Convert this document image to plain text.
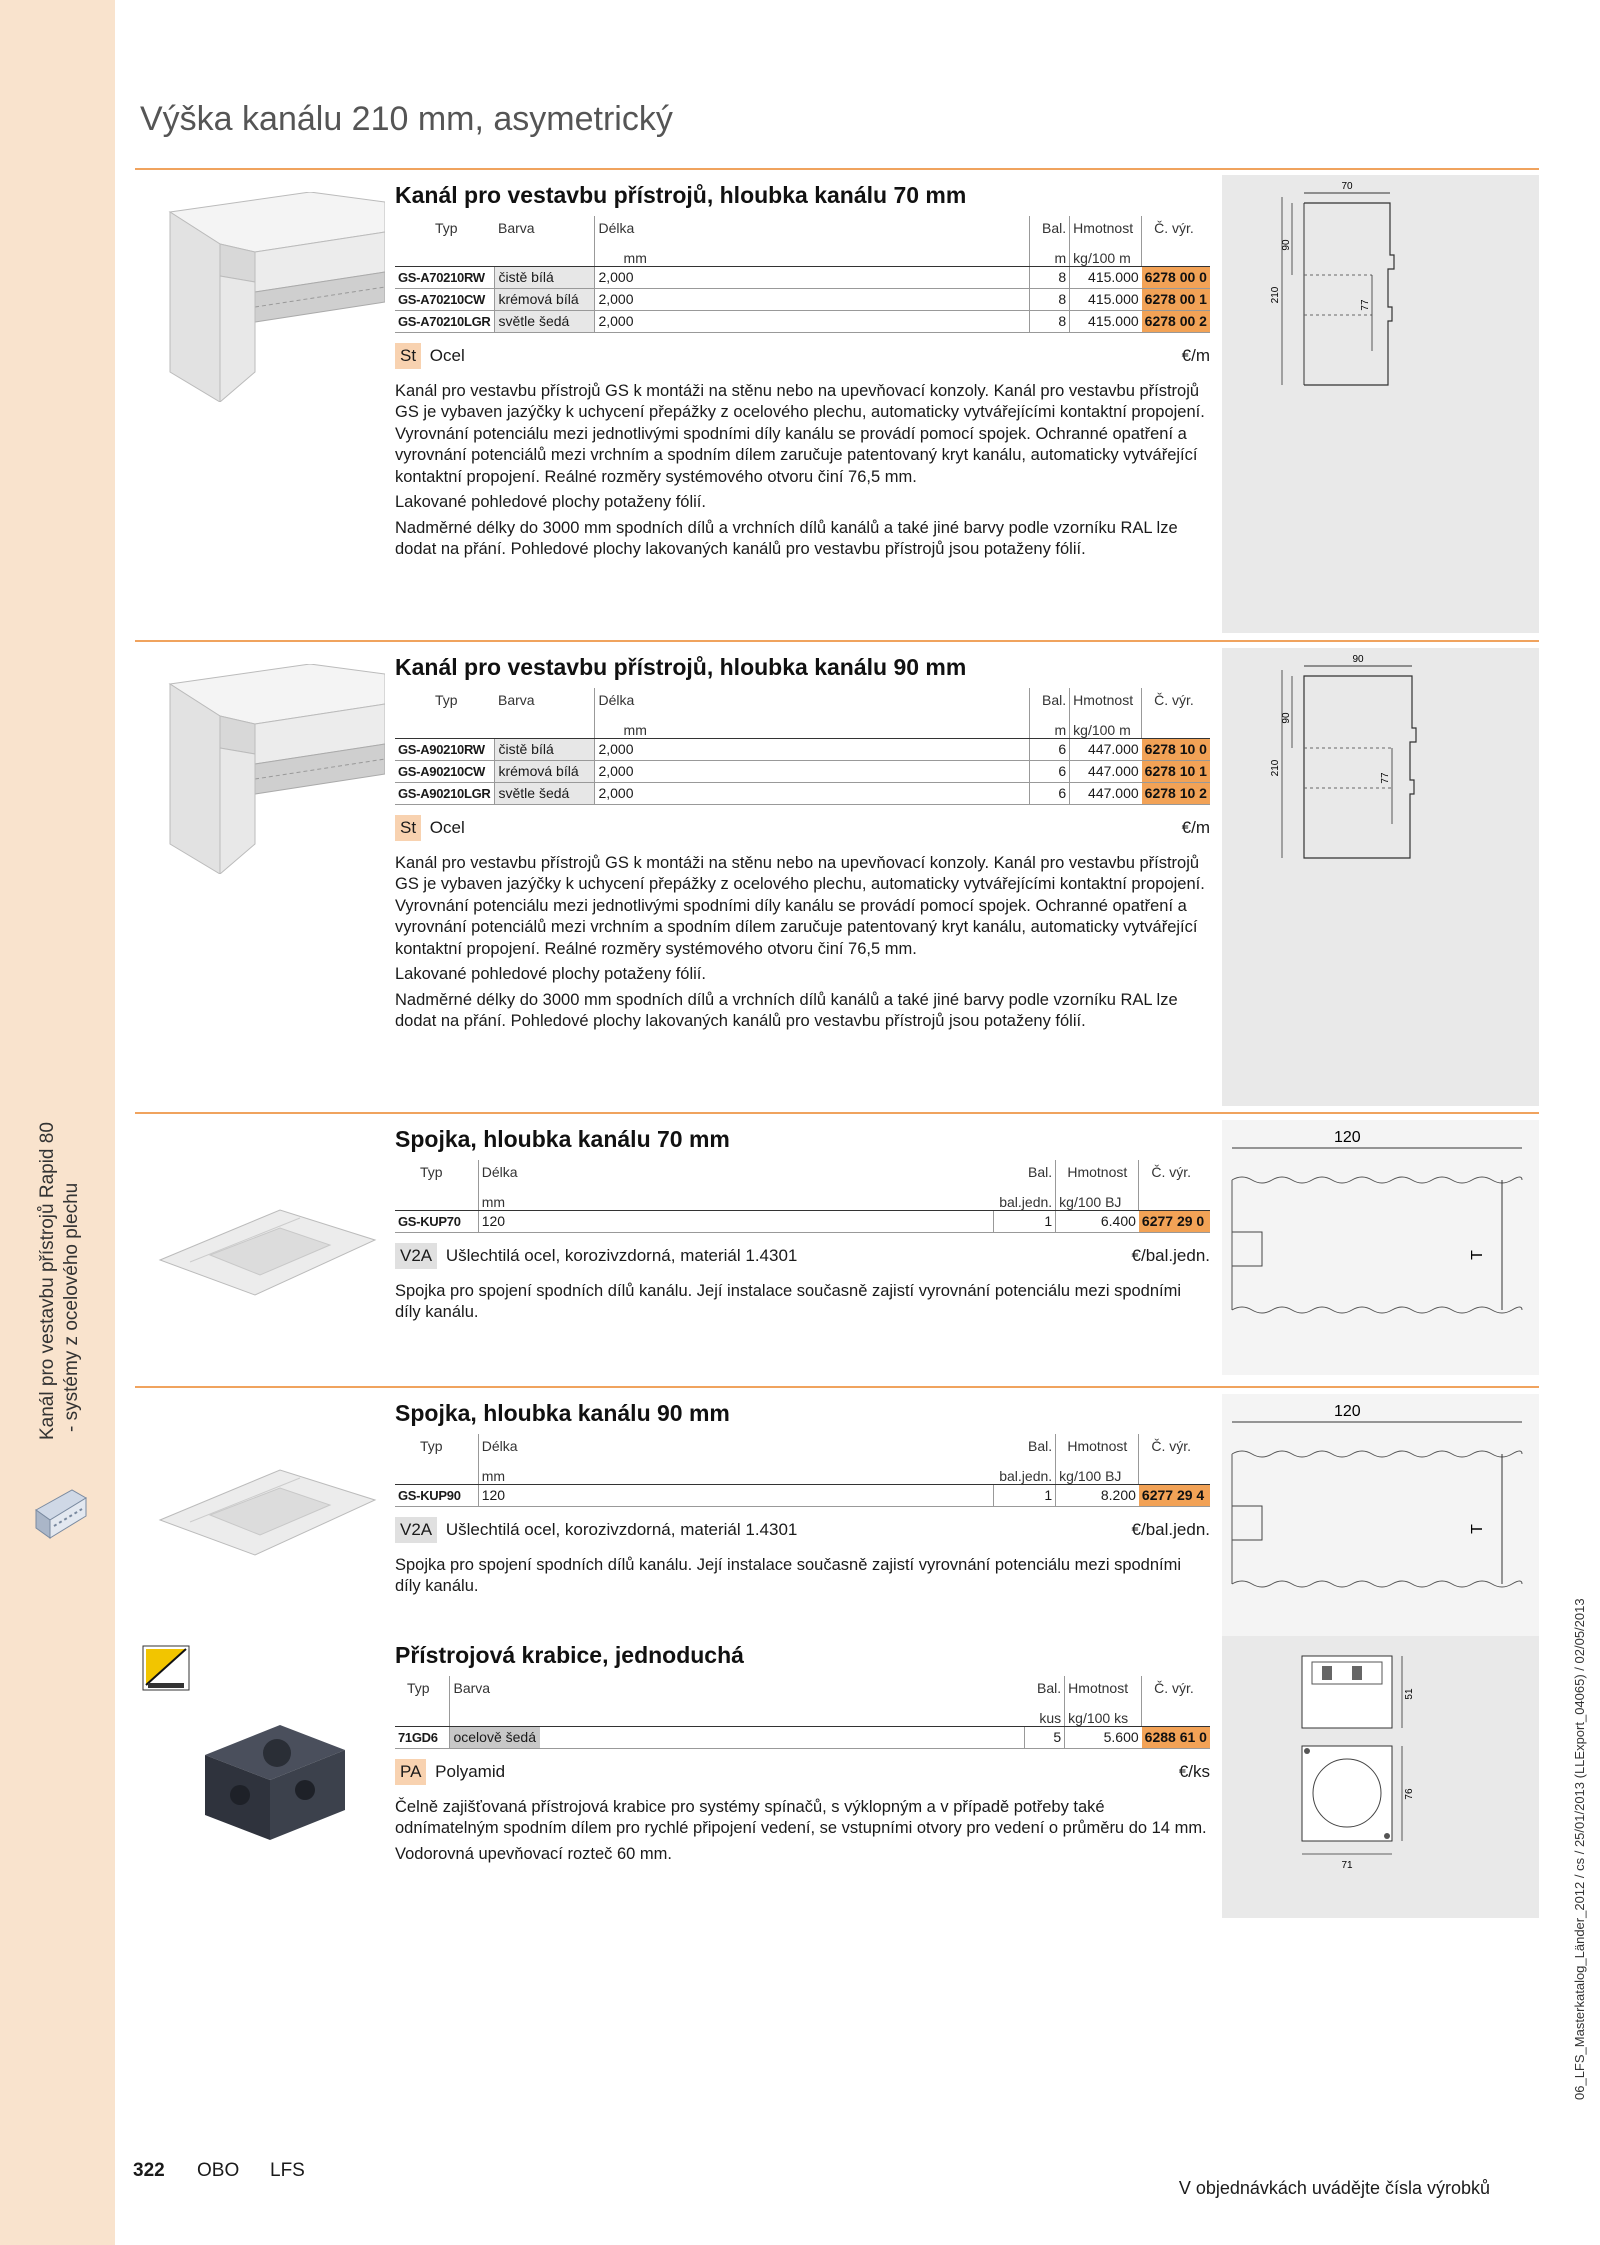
Kanál pro vestavbu přístrojů Rapid 80 - systémy z ocelového plechu
Výška kanálu 210 mm, asymetrický
Kanál pro vestavbu přístrojů, hloubka kanálu 70 mm
Typ	Barva	Délka		Bal.	Hmotnost	Č. výr.
		mm		m	kg/100 m	
GS-A70210RW	čistě bílá	2,000		8	415.000	6278 00 0
GS-A70210CW	krémová bílá	2,000		8	415.000	6278 00 1
GS-A70210LGR	světle šedá	2,000		8	415.000	6278 00 2
St Ocel	€/m

Kanál pro vestavbu přístrojů GS k montáži na stěnu nebo na upevňovací konzoly. Kanál pro vestavbu přístrojů GS je vybaven jazýčky k uchycení přepážky z ocelového plechu, automaticky vytvářejícími kontaktní propojení. Vyrovnání potenciálu mezi jednotlivými spodními díly kanálu se provádí pomocí spojek. Ochranné opatření a vyrovnání potenciálů mezi vrchním a spodním dílem zaručuje patentovaný kryt kanálu, automaticky vytvářející kontaktní propojení. Reálné rozměry systémového otvoru činí 76,5 mm.

Lakované pohledové plochy potaženy fólií.

Nadměrné délky do 3000 mm spodních dílů a vrchních dílů kanálů a také jiné barvy podle vzorníku RAL lze dodat na přání. Pohledové plochy lakovaných kanálů pro vestavbu přístrojů jsou potaženy fólií.

70
210
90
77
Kanál pro vestavbu přístrojů, hloubka kanálu 90 mm
Typ	Barva	Délka		Bal.	Hmotnost	Č. výr.
		mm		m	kg/100 m	
GS-A90210RW	čistě bílá	2,000		6	447.000	6278 10 0
GS-A90210CW	krémová bílá	2,000		6	447.000	6278 10 1
GS-A90210LGR	světle šedá	2,000		6	447.000	6278 10 2
St Ocel	€/m

Kanál pro vestavbu přístrojů GS k montáži na stěnu nebo na upevňovací konzoly. Kanál pro vestavbu přístrojů GS je vybaven jazýčky k uchycení přepážky z ocelového plechu, automaticky vytvářejícími kontaktní propojení. Vyrovnání potenciálu mezi jednotlivými spodními díly kanálu se provádí pomocí spojek. Ochranné opatření a vyrovnání potenciálů mezi vrchním a spodním dílem zaručuje patentovaný kryt kanálu, automaticky vytvářející kontaktní propojení. Reálné rozměry systémového otvoru činí 76,5 mm.

Lakované pohledové plochy potaženy fólií.

Nadměrné délky do 3000 mm spodních dílů a vrchních dílů kanálů a také jiné barvy podle vzorníku RAL lze dodat na přání. Pohledové plochy lakovaných kanálů pro vestavbu přístrojů jsou potaženy fólií.

90
210
90
77
Spojka, hloubka kanálu 70 mm
Typ	Délka		Bal.	Hmotnost	Č. výr.
	mm		bal.jedn.	kg/100 BJ	
GS-KUP70	120		1	6.400	6277 29 0
V2A Ušlechtilá ocel, korozivzdorná, materiál 1.4301	€/bal.jedn.

Spojka pro spojení spodních dílů kanálu. Její instalace současně zajistí vyrovnání potenciálu mezi spodními díly kanálu.

120
T
Spojka, hloubka kanálu 90 mm
Typ	Délka		Bal.	Hmotnost	Č. výr.
	mm		bal.jedn.	kg/100 BJ	
GS-KUP90	120		1	8.200	6277 29 4
V2A Ušlechtilá ocel, korozivzdorná, materiál 1.4301	€/bal.jedn.

Spojka pro spojení spodních dílů kanálu. Její instalace současně zajistí vyrovnání potenciálu mezi spodními díly kanálu.

120
T
Přístrojová krabice, jednoduchá
Typ	Barva		Bal.	Hmotnost	Č. výr.
			kus	kg/100 ks	
71GD6	ocelově šedá		5	5.600	6288 61 0
PA Polyamid	€/ks

Čelně zajišťovaná přístrojová krabice pro systémy spínačů, s výklopným a v případě potřeby také odnímatelným spodním dílem pro rychlé připojení vedení, se vstupními otvory pro vedení o průměru do 14 mm.

Vodorovná upevňovací rozteč 60 mm.

51
76
71
322 OBO LFS
V objednávkách uvádějte čísla výrobků
06_LFS_Masterkatalog_Länder_2012 / cs / 25/01/2013 (LLExport_04065) / 02/05/2013
